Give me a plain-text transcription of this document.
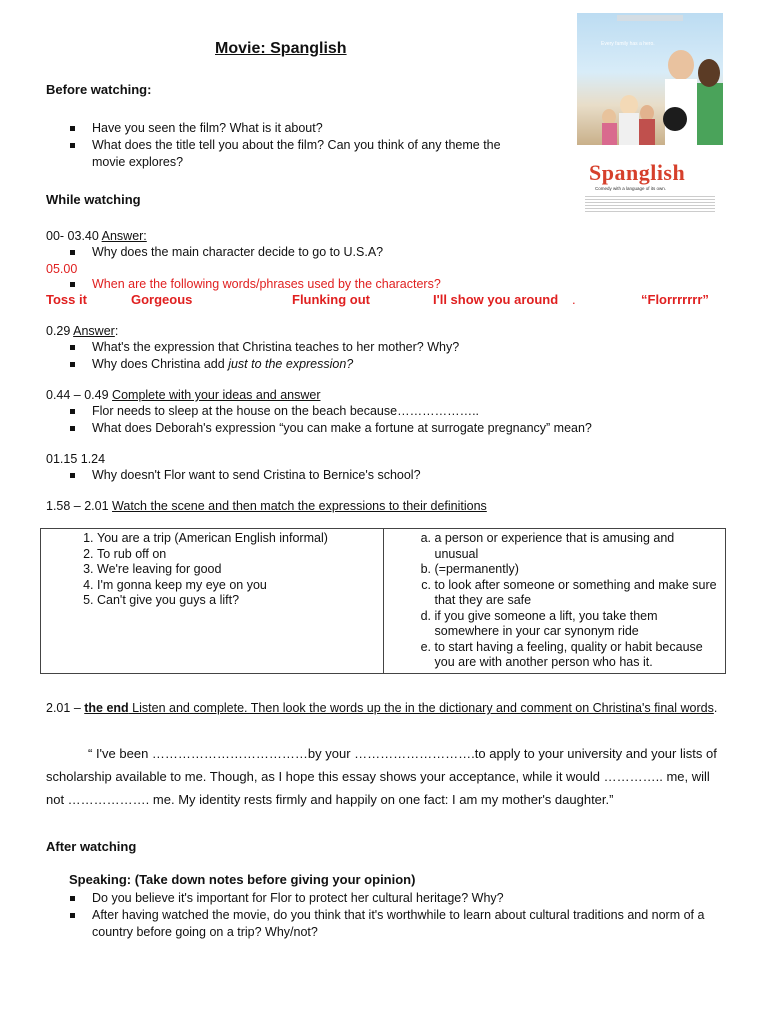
Movie: Spanglish	Every family has a hero.
Spanglish
Comedy with a language of its own.
Before watching:
Have you seen the film? What is it about?
What does the title tell you about the film? Can you think of any theme the movie explores?
While watching
00- 03.40 Answer:
Why does the main character decide to go to U.S.A?
05.00
When are the following words/phrases used by the characters?
Toss it	Gorgeous	Flunking out	I'll show you around .	“Florrrrrrr”
0.29 Answer:
What's the expression that Christina teaches to her mother? Why?
Why does Christina add just to the expression?
0.44 – 0.49 Complete with your ideas and answer
Flor needs to sleep at the house on the beach because………………..
What does Deborah's expression “you can make a fortune at surrogate pregnancy” mean?
01.15 1.24
Why doesn't Flor want to send Cristina to Bernice's school?
1.58 – 2.01 Watch the scene and then match the expressions to their definitions
1. You are a trip (American English informal)
2. To rub off on
3. We're leaving for good
4. I'm gonna keep my eye on you
5. Can't give you guys a lift?

a. a person or experience that is amusing and unusual
b. (=permanently)
c. to look after someone or something and make sure that they are safe
d. if you give someone a lift, you take them somewhere in your car synonym ride
e. to start having a feeling, quality or habit because you are with another person who has it.
2.01 – the end Listen and complete. Then look the words up the in the dictionary and comment on Christina's final words.
“ I've been ………………………………by your ……………………….to apply to your university and your lists of scholarship available to me. Though, as I hope this essay shows your acceptance, while it would ………….. me, will not ………………. me. My identity rests firmly and happily on one fact: I am my mother's daughter.”
After watching
Speaking: (Take down notes before giving your opinion)
Do you believe it's important for Flor to protect her cultural heritage? Why?
After having watched the movie, do you think that it's worthwhile to learn about cultural traditions and norm of a country before going on a trip? Why/not?
